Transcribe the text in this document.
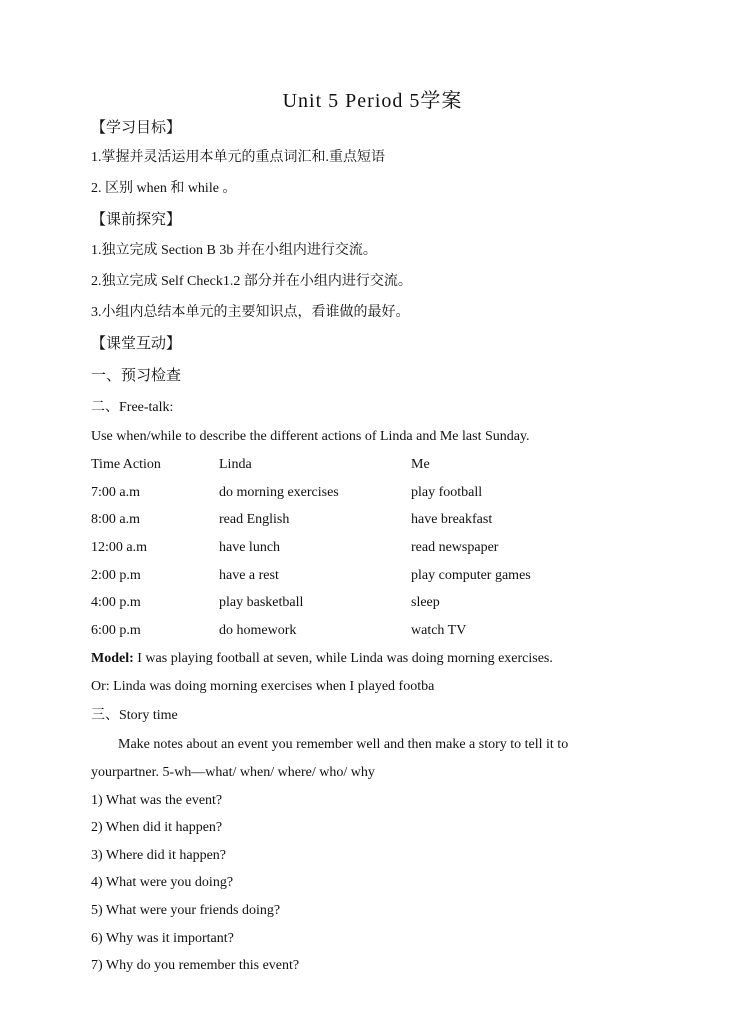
Unit 5 Period 5学案
【学习目标】
1.掌握并灵活运用本单元的重点词汇和.重点短语
2. 区别 when 和 while 。
【课前探究】
1.独立完成 Section B 3b 并在小组内进行交流。
2.独立完成 Self Check1.2 部分并在小组内进行交流。
3.小组内总结本单元的主要知识点，看谁做的最好。
【课堂互动】
一、预习检查
二、Free-talk:
Use when/while to describe the different actions of Linda and Me last Sunday.
Time Action	Linda	Me
7:00 a.m	do morning exercises	play football
8:00 a.m	read English	have breakfast
12:00 a.m	have lunch	read newspaper
2:00 p.m	have a rest	play computer games
4:00 p.m	play basketball	sleep
6:00 p.m	do homework	watch TV
Model: I was playing football at seven, while Linda was doing morning exercises.
Or: Linda was doing morning exercises when I played footba
三、Story time
Make notes about an event you remember well and then make a story to tell it to
yourpartner. 5-wh—what/ when/ where/ who/ why
1) What was the event?
2) When did it happen?
3) Where did it happen?
4) What were you doing?
5) What were your friends doing?
6) Why was it important?
7) Why do you remember this event?
